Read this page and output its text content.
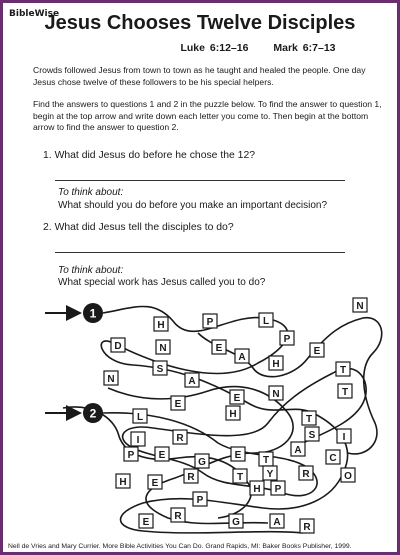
BibleWise
Jesus Chooses Twelve Disciples
Luke 6:12–16 Mark 6:7–13
Crowds followed Jesus from town to town as he taught and healed the people. One day Jesus chose twelve of these followers to be his special helpers.
Find the answers to questions 1 and 2 in the puzzle below. To find the answer to question 1, begin at the top arrow and write down each letter you come to. Then begin at the bottom arrow to find the answer to question 2.
1. What did Jesus do before he chose the 12?
To think about:
What should you do before you make an important decision?
2. What did Jesus tell the disciples to do?
To think about:
What special work has Jesus called you to do?
1
2
H	P	L
N
D	N	E
P
E
A
S
A
H
E	N
T
N
T
L
E
H	T
S	I
I	R
E	A
P E
G	T
R
C
P
O
H	E
R	T Y
H
P
E
R
G	A R
Nell de Vries and Mary Currier. More Bible Activities You Can Do. Grand Rapids, MI: Baker Books Publisher, 1999.
